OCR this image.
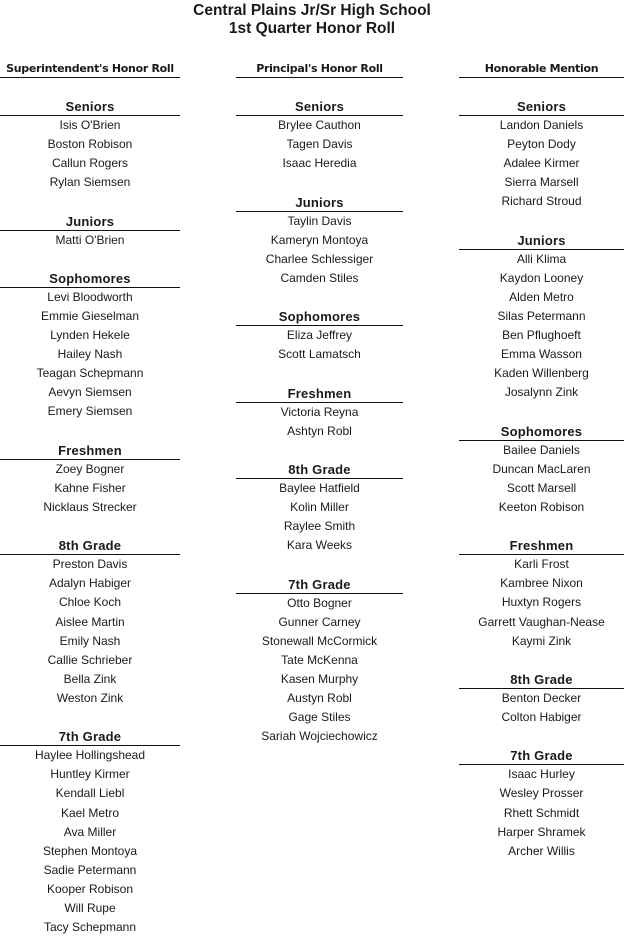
Central Plains Jr/Sr High School
1st Quarter Honor Roll
Superintendent's Honor Roll
Seniors
Isis O'Brien
Boston Robison
Callun Rogers
Rylan Siemsen
Juniors
Matti O'Brien
Sophomores
Levi Bloodworth
Emmie Gieselman
Lynden Hekele
Hailey Nash
Teagan Schepmann
Aevyn Siemsen
Emery Siemsen
Freshmen
Zoey Bogner
Kahne Fisher
Nicklaus Strecker
8th Grade
Preston Davis
Adalyn Habiger
Chloe Koch
Aislee Martin
Emily Nash
Callie Schrieber
Bella Zink
Weston Zink
7th Grade
Haylee Hollingshead
Huntley Kirmer
Kendall Liebl
Kael Metro
Ava Miller
Stephen Montoya
Sadie Petermann
Kooper Robison
Will Rupe
Tacy Schepmann
Principal's Honor Roll
Seniors
Brylee Cauthon
Tagen Davis
Isaac Heredia
Juniors
Taylin Davis
Kameryn Montoya
Charlee Schlessiger
Camden Stiles
Sophomores
Eliza Jeffrey
Scott Lamatsch
Freshmen
Victoria Reyna
Ashtyn Robl
8th Grade
Baylee Hatfield
Kolin Miller
Raylee Smith
Kara Weeks
7th Grade
Otto Bogner
Gunner Carney
Stonewall McCormick
Tate McKenna
Kasen Murphy
Austyn Robl
Gage Stiles
Sariah Wojciechowicz
Honorable Mention
Seniors
Landon Daniels
Peyton Dody
Adalee Kirmer
Sierra Marsell
Richard Stroud
Juniors
Alli Klima
Kaydon Looney
Alden Metro
Silas Petermann
Ben Pflughoeft
Emma Wasson
Kaden Willenberg
Josalynn Zink
Sophomores
Bailee Daniels
Duncan MacLaren
Scott Marsell
Keeton Robison
Freshmen
Karli Frost
Kambree Nixon
Huxtyn Rogers
Garrett Vaughan-Nease
Kaymi Zink
8th Grade
Benton Decker
Colton Habiger
7th Grade
Isaac Hurley
Wesley Prosser
Rhett Schmidt
Harper Shramek
Archer Willis
